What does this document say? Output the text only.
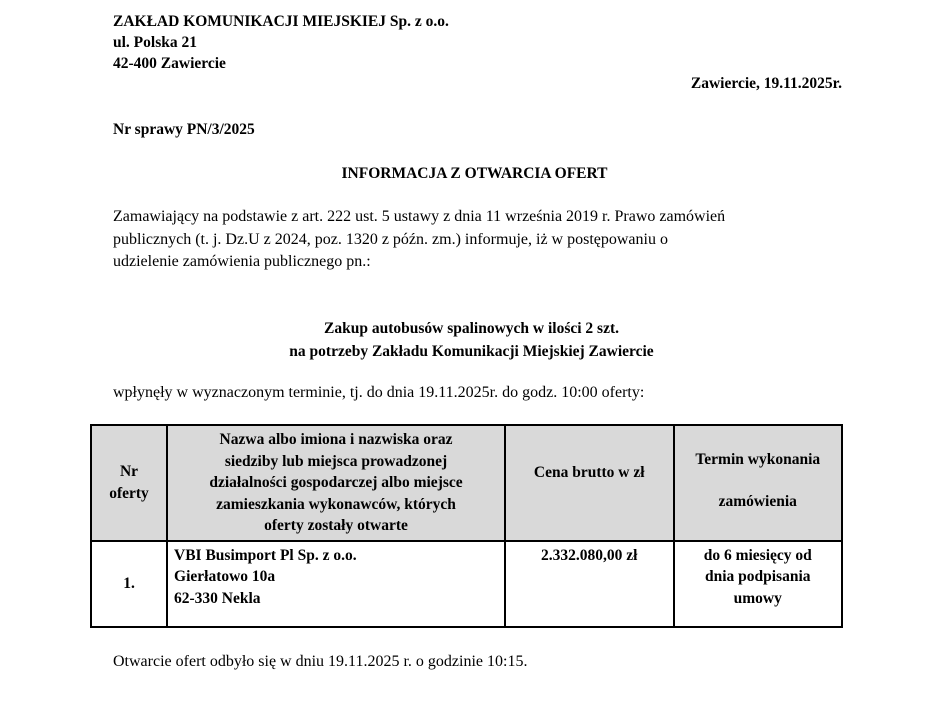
ZAKŁAD KOMUNIKACJI MIEJSKIEJ Sp. z o.o.
ul. Polska 21
42-400 Zawiercie
Zawiercie, 19.11.2025r.
Nr sprawy PN/3/2025
INFORMACJA Z OTWARCIA OFERT
Zamawiający na podstawie z art. 222 ust. 5 ustawy z dnia 11 września 2019 r. Prawo zamówień
publicznych (t. j. Dz.U z 2024, poz. 1320 z późn. zm.) informuje, iż w postępowaniu o
udzielenie zamówienia publicznego pn.:
Zakup autobusów spalinowych w ilości 2 szt.
na potrzeby Zakładu Komunikacji Miejskiej Zawiercie
wpłynęły w wyznaczonym terminie, tj. do dnia 19.11.2025r. do godz. 10:00 oferty:
Nr
oferty	Nazwa albo imiona i nazwiska oraz
siedziby lub miejsca prowadzonej
działalności gospodarczej albo miejsce
zamieszkania wykonawców, których
oferty zostały otwarte	Cena brutto w zł	Termin wykonania
zamówienia

1.	VBI Busimport Pl Sp. z o.o.
Gierłatowo 10a
62-330 Nekla	2.332.080,00 zł	do 6 miesięcy od
dnia podpisania
umowy
Otwarcie ofert odbyło się w dniu 19.11.2025 r. o godzinie 10:15.
